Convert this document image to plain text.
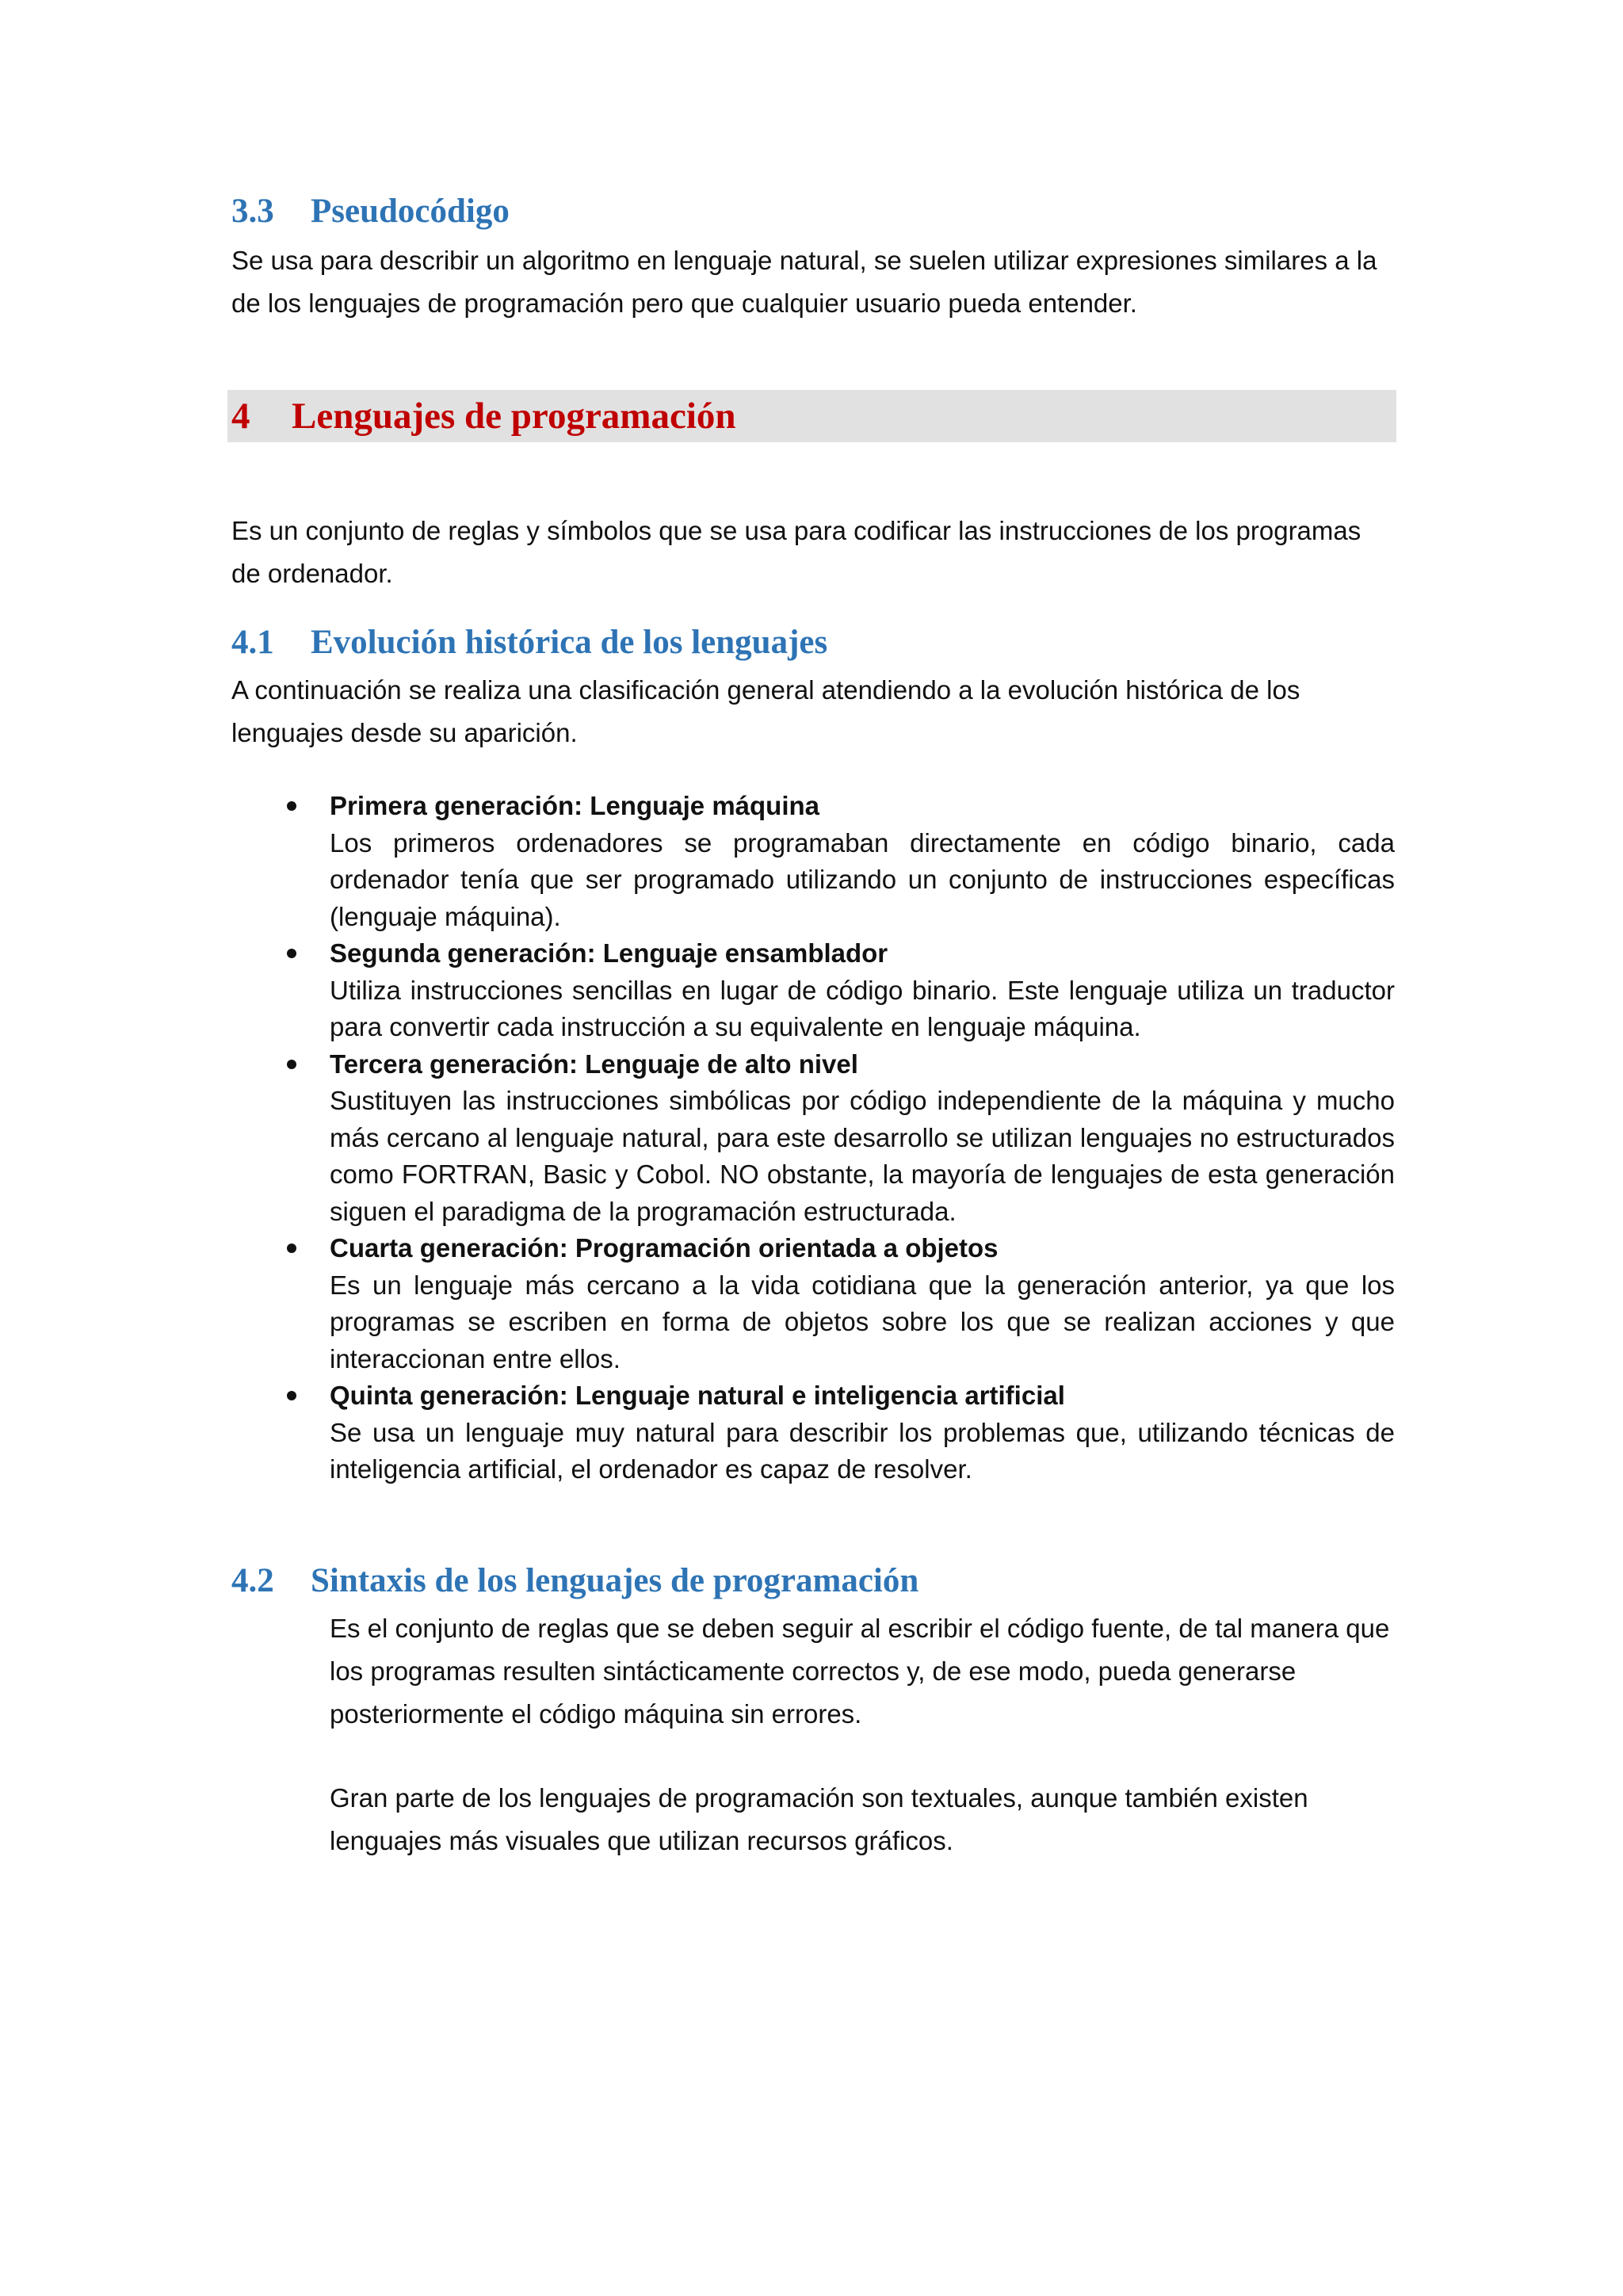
3.3 Pseudocódigo

Se usa para describir un algoritmo en lenguaje natural, se suelen utilizar expresiones similares a la de los lenguajes de programación pero que cualquier usuario pueda entender.

4 Lenguajes de programación

Es un conjunto de reglas y símbolos que se usa para codificar las instrucciones de los programas de ordenador.

4.1 Evolución histórica de los lenguajes

A continuación se realiza una clasificación general atendiendo a la evolución histórica de los lenguajes desde su aparición.

Primera generación: Lenguaje máquina
Los primeros ordenadores se programaban directamente en código binario, cada ordenador tenía que ser programado utilizando un conjunto de instrucciones específicas (lenguaje máquina).
Segunda generación: Lenguaje ensamblador
Utiliza instrucciones sencillas en lugar de código binario. Este lenguaje utiliza un traductor para convertir cada instrucción a su equivalente en lenguaje máquina.
Tercera generación: Lenguaje de alto nivel
Sustituyen las instrucciones simbólicas por código independiente de la máquina y mucho más cercano al lenguaje natural, para este desarrollo se utilizan lenguajes no estructurados como FORTRAN, Basic y Cobol. NO obstante, la mayoría de lenguajes de esta generación siguen el paradigma de la programación estructurada.
Cuarta generación: Programación orientada a objetos
Es un lenguaje más cercano a la vida cotidiana que la generación anterior, ya que los programas se escriben en forma de objetos sobre los que se realizan acciones y que interaccionan entre ellos.
Quinta generación: Lenguaje natural e inteligencia artificial
Se usa un lenguaje muy natural para describir los problemas que, utilizando técnicas de inteligencia artificial, el ordenador es capaz de resolver.
4.2 Sintaxis de los lenguajes de programación

Es el conjunto de reglas que se deben seguir al escribir el código fuente, de tal manera que los programas resulten sintácticamente correctos y, de ese modo, pueda generarse posteriormente el código máquina sin errores.

Gran parte de los lenguajes de programación son textuales, aunque también existen lenguajes más visuales que utilizan recursos gráficos.
